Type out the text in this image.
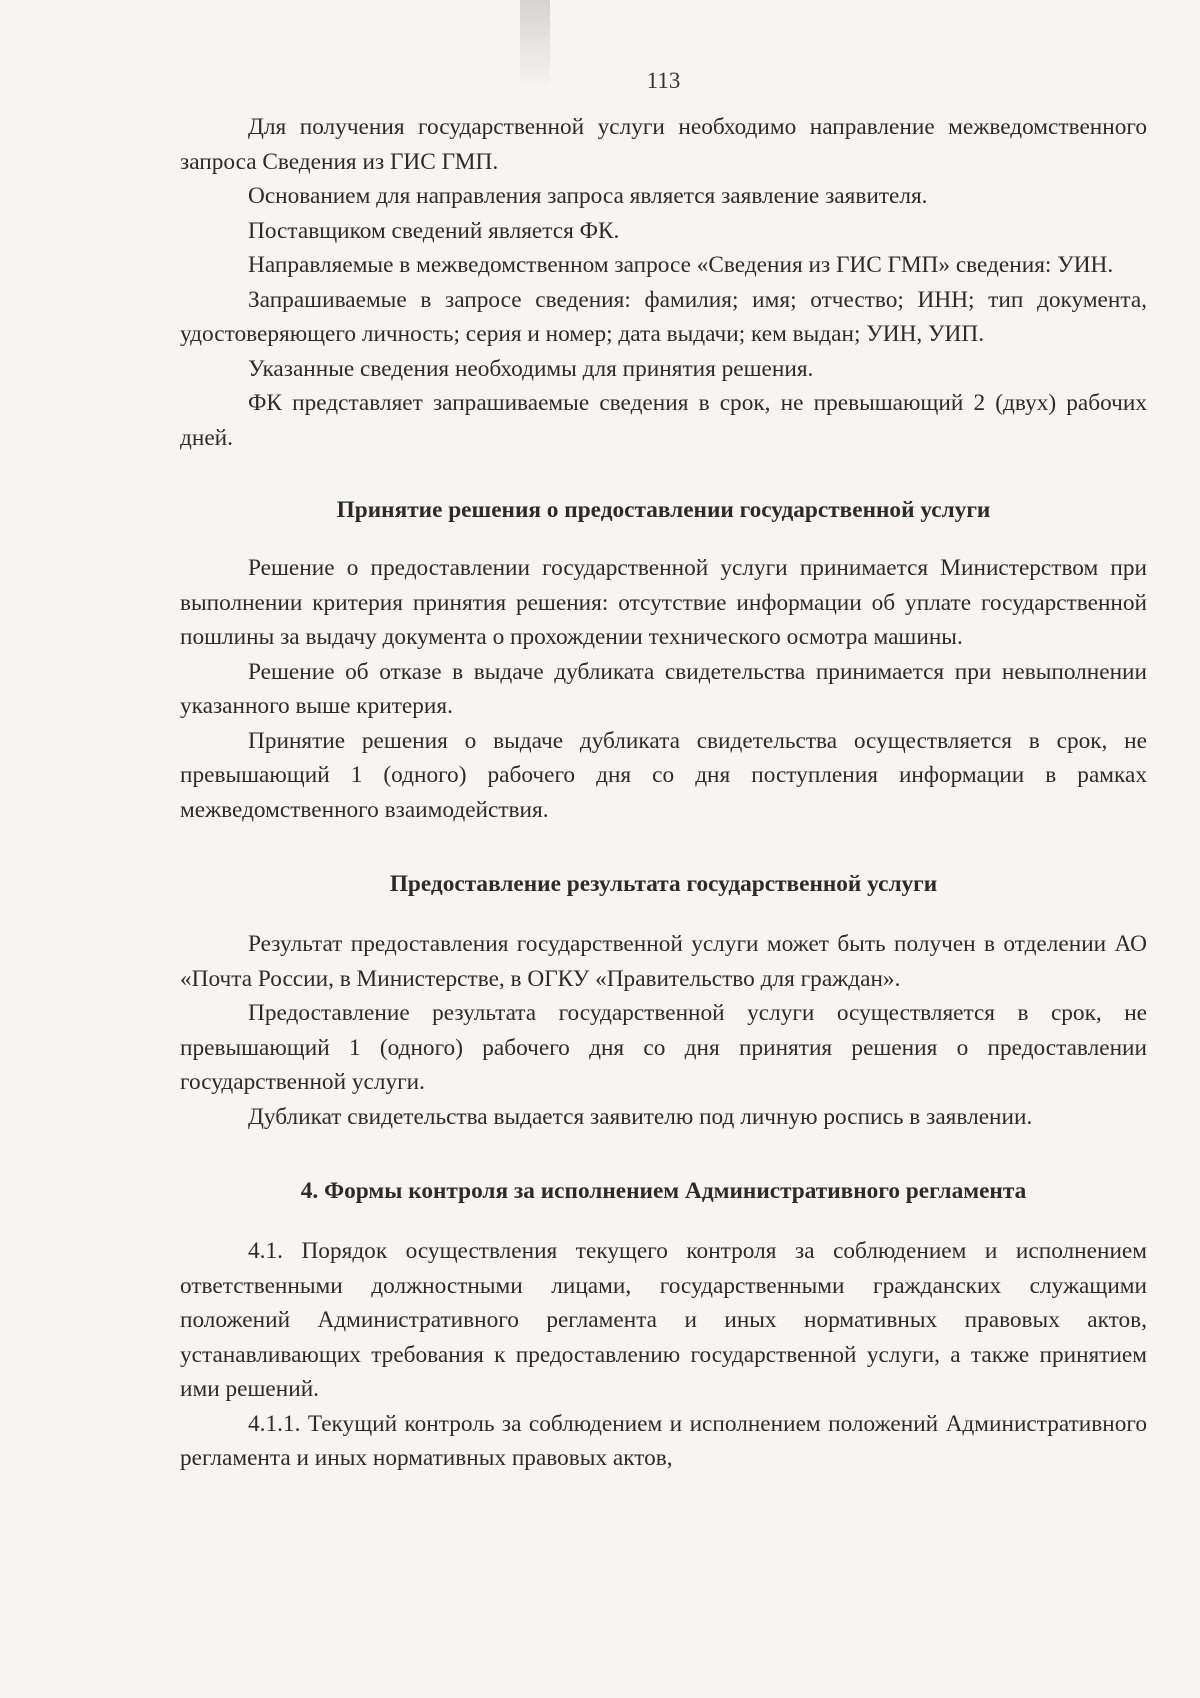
113

Для получения государственной услуги необходимо направление межведомственного запроса Сведения из ГИС ГМП.

Основанием для направления запроса является заявление заявителя.

Поставщиком сведений является ФК.

Направляемые в межведомственном запросе «Сведения из ГИС ГМП» сведения: УИН.

Запрашиваемые в запросе сведения: фамилия; имя; отчество; ИНН; тип документа, удостоверяющего личность; серия и номер; дата выдачи; кем выдан; УИН, УИП.

Указанные сведения необходимы для принятия решения.

ФК представляет запрашиваемые сведения в срок, не превышающий 2 (двух) рабочих дней.

Принятие решения о предоставлении государственной услуги

Решение о предоставлении государственной услуги принимается Министерством при выполнении критерия принятия решения: отсутствие информации об уплате государственной пошлины за выдачу документа о прохождении технического осмотра машины.

Решение об отказе в выдаче дубликата свидетельства принимается при невыполнении указанного выше критерия.

Принятие решения о выдаче дубликата свидетельства осуществляется в срок, не превышающий 1 (одного) рабочего дня со дня поступления информации в рамках межведомственного взаимодействия.

Предоставление результата государственной услуги

Результат предоставления государственной услуги может быть получен в отделении АО «Почта России, в Министерстве, в ОГКУ «Правительство для граждан».

Предоставление результата государственной услуги осуществляется в срок, не превышающий 1 (одного) рабочего дня со дня принятия решения о предоставлении государственной услуги.

Дубликат свидетельства выдается заявителю под личную роспись в заявлении.

4. Формы контроля за исполнением Административного регламента

4.1. Порядок осуществления текущего контроля за соблюдением и исполнением ответственными должностными лицами, государственными гражданских служащими положений Административного регламента и иных нормативных правовых актов, устанавливающих требования к предоставлению государственной услуги, а также принятием ими решений.

4.1.1. Текущий контроль за соблюдением и исполнением положений Административного регламента и иных нормативных правовых актов,
